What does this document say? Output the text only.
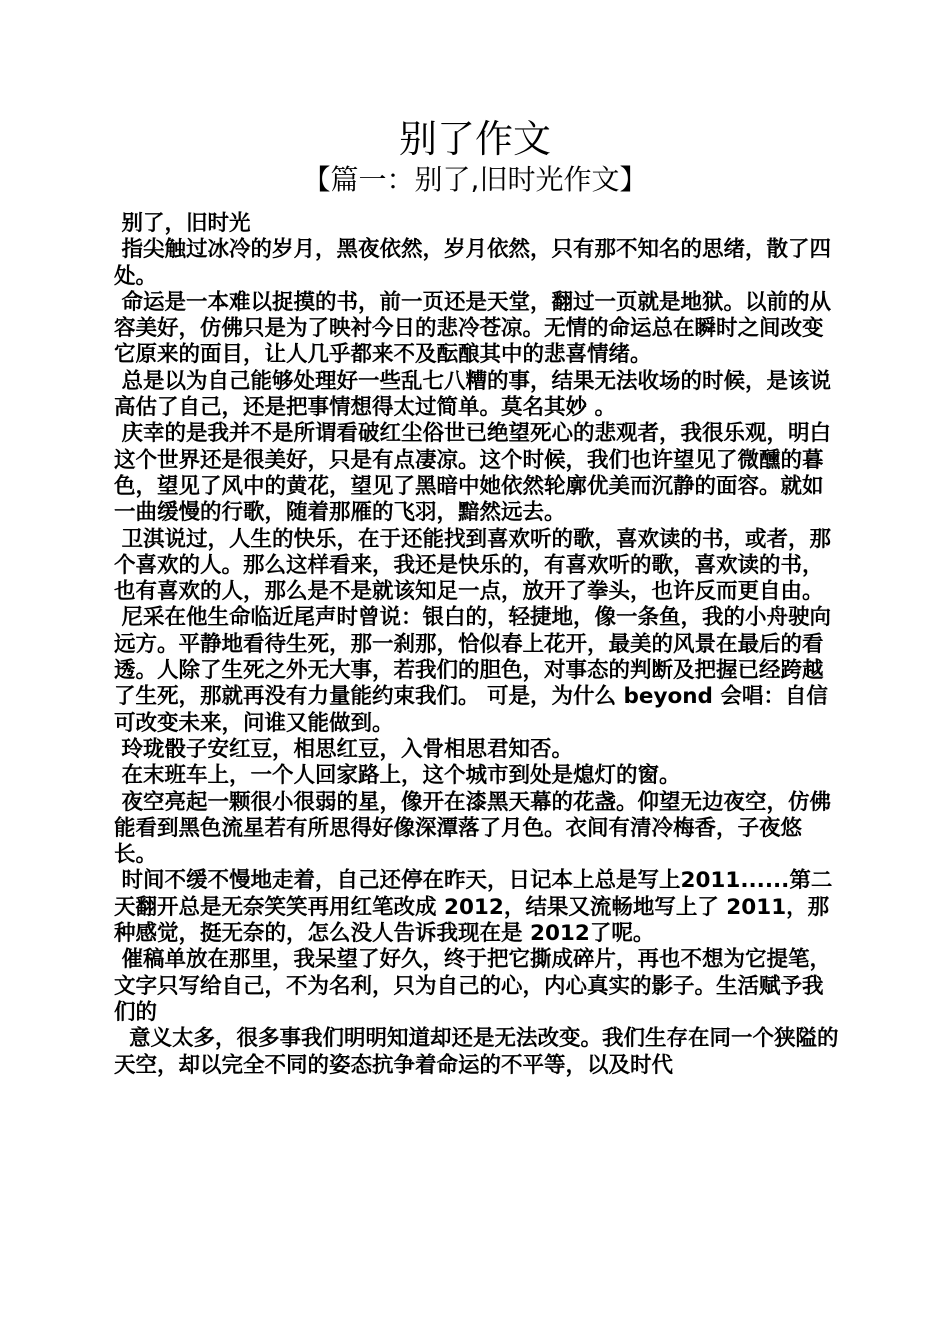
别了作文
【篇一：别了,旧时光作文】

别了，旧时光

指尖触过冰冷的岁月，黑夜依然，岁月依然，只有那不知名的思绪，散了四处。

命运是一本难以捉摸的书，前一页还是天堂，翻过一页就是地狱。以前的从容美好，仿佛只是为了映衬今日的悲冷苍凉。无情的命运总在瞬时之间改变它原来的面目，让人几乎都来不及酝酿其中的悲喜情绪。

总是以为自己能够处理好一些乱七八糟的事，结果无法收场的时候，是该说高估了自己，还是把事情想得太过简单。莫名其妙 。

庆幸的是我并不是所谓看破红尘俗世已绝望死心的悲观者，我很乐观，明白这个世界还是很美好，只是有点凄凉。这个时候，我们也许望见了微醺的暮色，望见了风中的黄花，望见了黑暗中她依然轮廓优美而沉静的面容。就如一曲缓慢的行歌，随着那雁的飞羽，黯然远去。

卫淇说过，人生的快乐，在于还能找到喜欢听的歌，喜欢读的书，或者，那个喜欢的人。那么这样看来，我还是快乐的，有喜欢听的歌，喜欢读的书，也有喜欢的人，那么是不是就该知足一点，放开了拳头，也许反而更自由。

尼采在他生命临近尾声时曾说：银白的，轻捷地，像一条鱼，我的小舟驶向远方。平静地看待生死，那一刹那，恰似春上花开，最美的风景在最后的看透。人除了生死之外无大事，若我们的胆色，对事态的判断及把握已经跨越了生死，那就再没有力量能约束我们。 可是，为什么 beyond 会唱：自信可改变未来，问谁又能做到。

玲珑骰子安红豆，相思红豆，入骨相思君知否。

在末班车上，一个人回家路上，这个城市到处是熄灯的窗。

夜空亮起一颗很小很弱的星，像开在漆黑天幕的花盏。仰望无边夜空，仿佛能看到黑色流星若有所思得好像深潭落了月色。衣间有清冷梅香，子夜悠长。

时间不缓不慢地走着，自己还停在昨天，日记本上总是写上2011......第二天翻开总是无奈笑笑再用红笔改成 2012，结果又流畅地写上了 2011，那种感觉，挺无奈的，怎么没人告诉我现在是 2012了呢。

催稿单放在那里，我呆望了好久，终于把它撕成碎片，再也不想为它提笔，文字只写给自己，不为名利，只为自己的心，内心真实的影子。生活赋予我们的

意义太多，很多事我们明明知道却还是无法改变。我们生存在同一个狭隘的天空，却以完全不同的姿态抗争着命运的不平等，以及时代
